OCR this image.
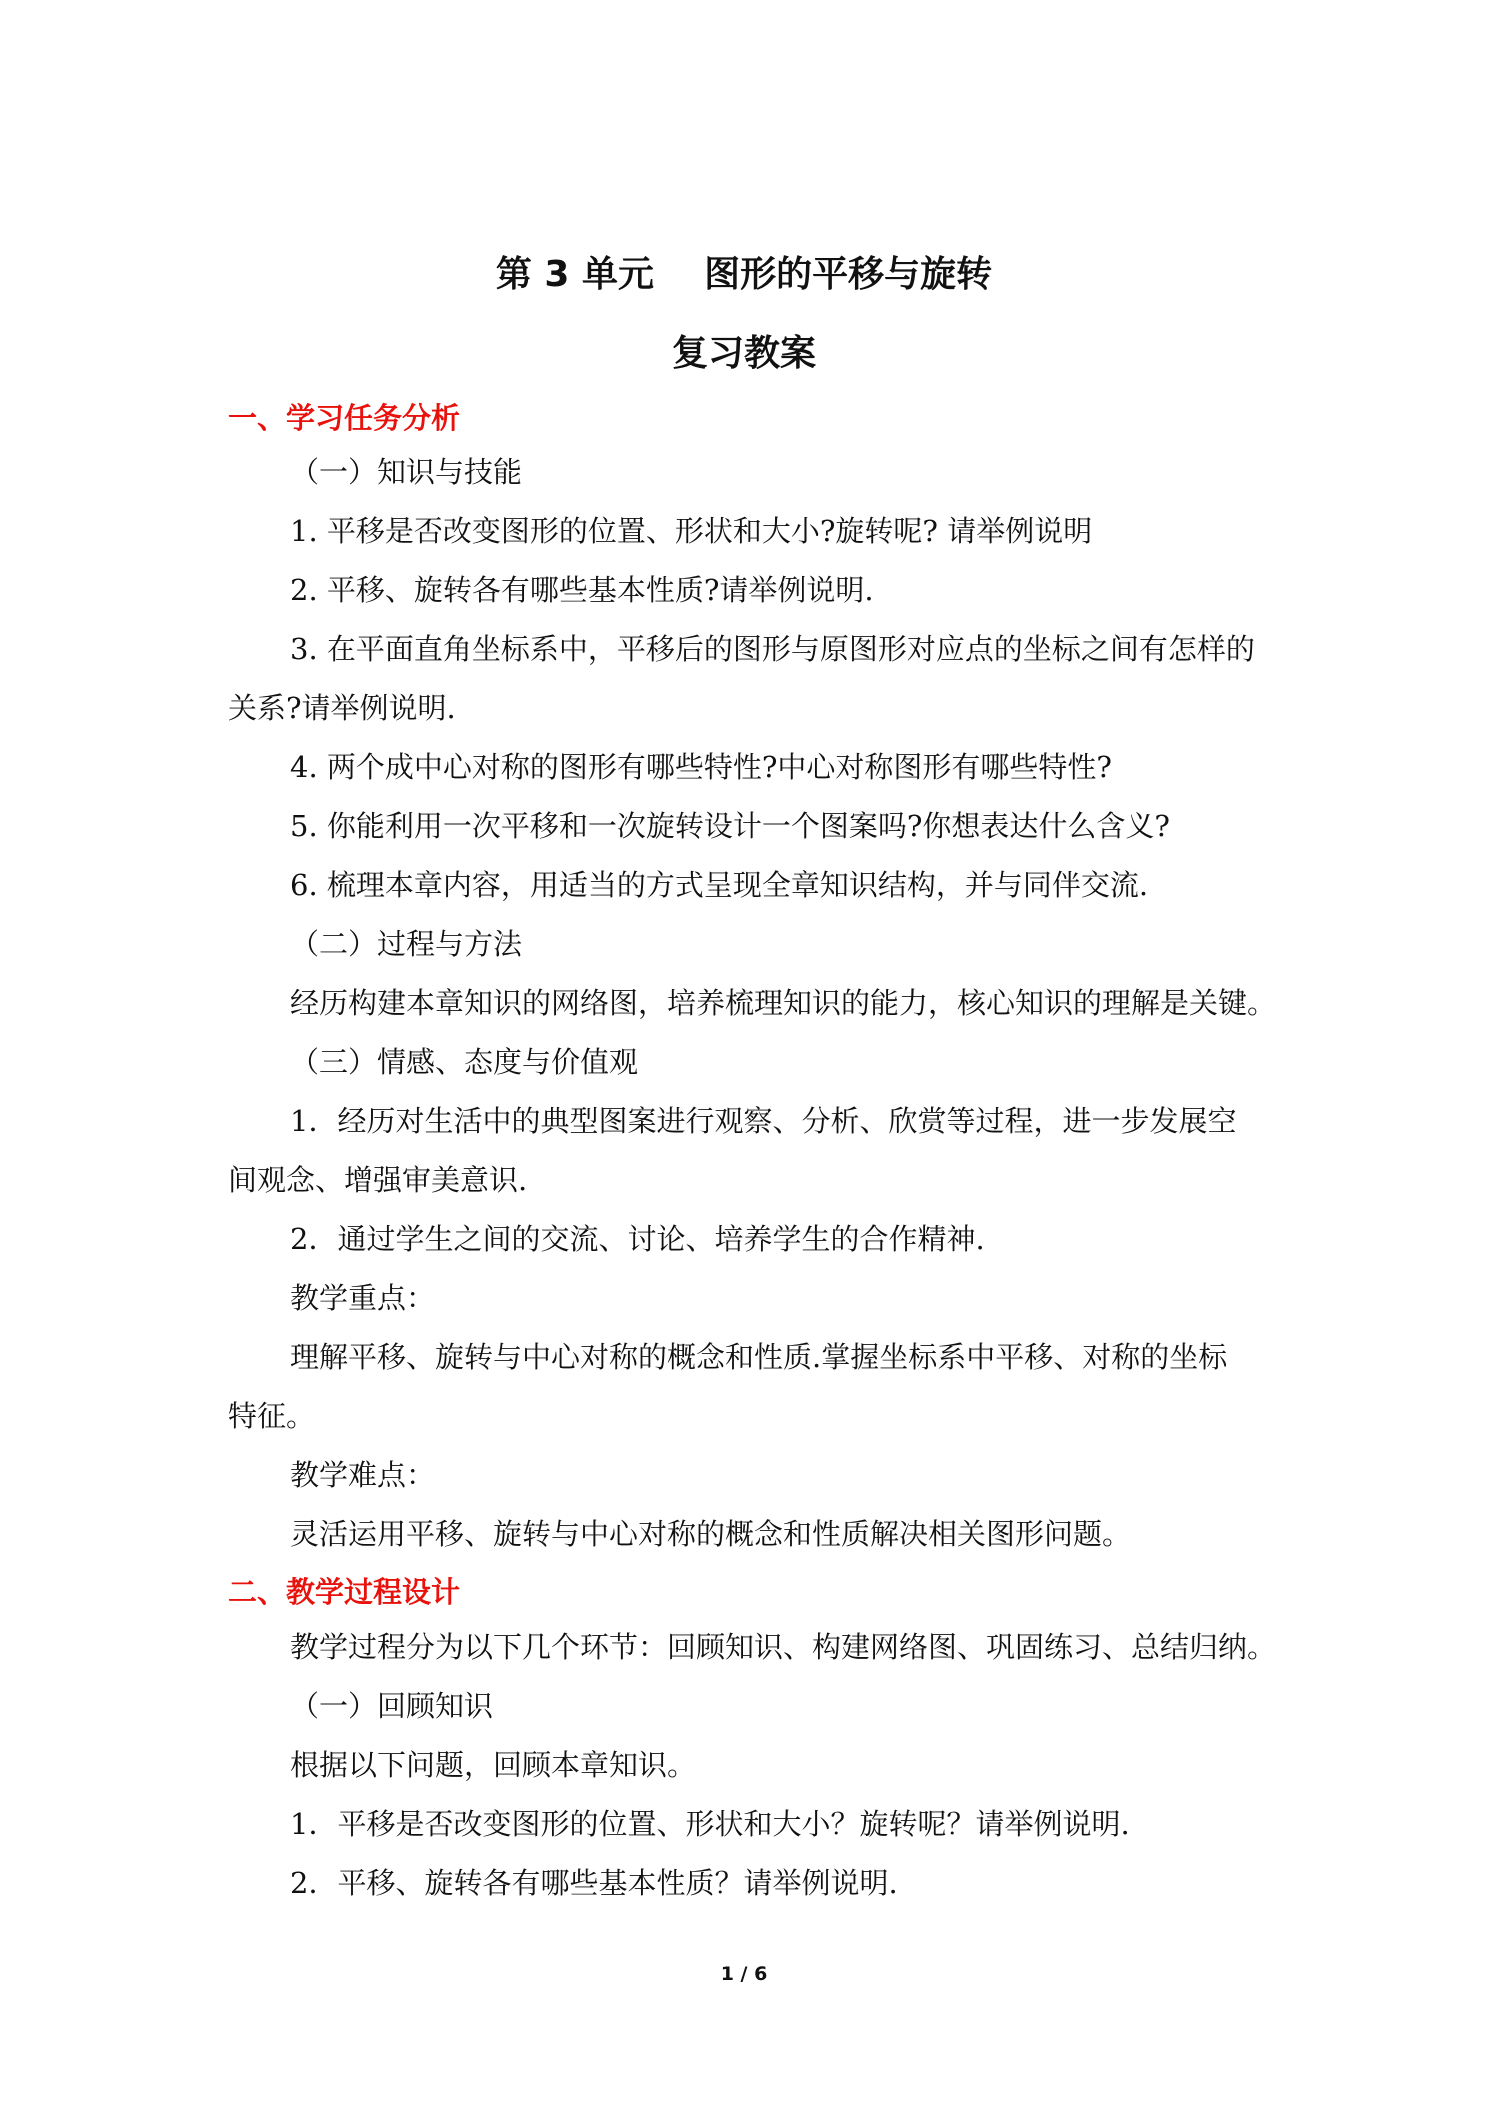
第 3 单元    图形的平移与旋转
复习教案
一、学习任务分析
（一）知识与技能
1. 平移是否改变图形的位置、形状和大小?旋转呢? 请举例说明
2. 平移、旋转各有哪些基本性质?请举例说明.
3. 在平面直角坐标系中，平移后的图形与原图形对应点的坐标之间有怎样的
关系?请举例说明.
4. 两个成中心对称的图形有哪些特性?中心对称图形有哪些特性?
5. 你能利用一次平移和一次旋转设计一个图案吗?你想表达什么含义?
6. 梳理本章内容，用适当的方式呈现全章知识结构，并与同伴交流.
（二）过程与方法
经历构建本章知识的网络图，培养梳理知识的能力，核心知识的理解是关键。
（三）情感、态度与价值观
1．经历对生活中的典型图案进行观察、分析、欣赏等过程，进一步发展空
间观念、增强审美意识.
2．通过学生之间的交流、讨论、培养学生的合作精神.
教学重点：
理解平移、旋转与中心对称的概念和性质.掌握坐标系中平移、对称的坐标
特征。
教学难点：
灵活运用平移、旋转与中心对称的概念和性质解决相关图形问题。
二、教学过程设计
教学过程分为以下几个环节：回顾知识、构建网络图、巩固练习、总结归纳。
（一）回顾知识
根据以下问题，回顾本章知识。
1．平移是否改变图形的位置、形状和大小？旋转呢？请举例说明.
2．平移、旋转各有哪些基本性质？请举例说明.
1 / 6
